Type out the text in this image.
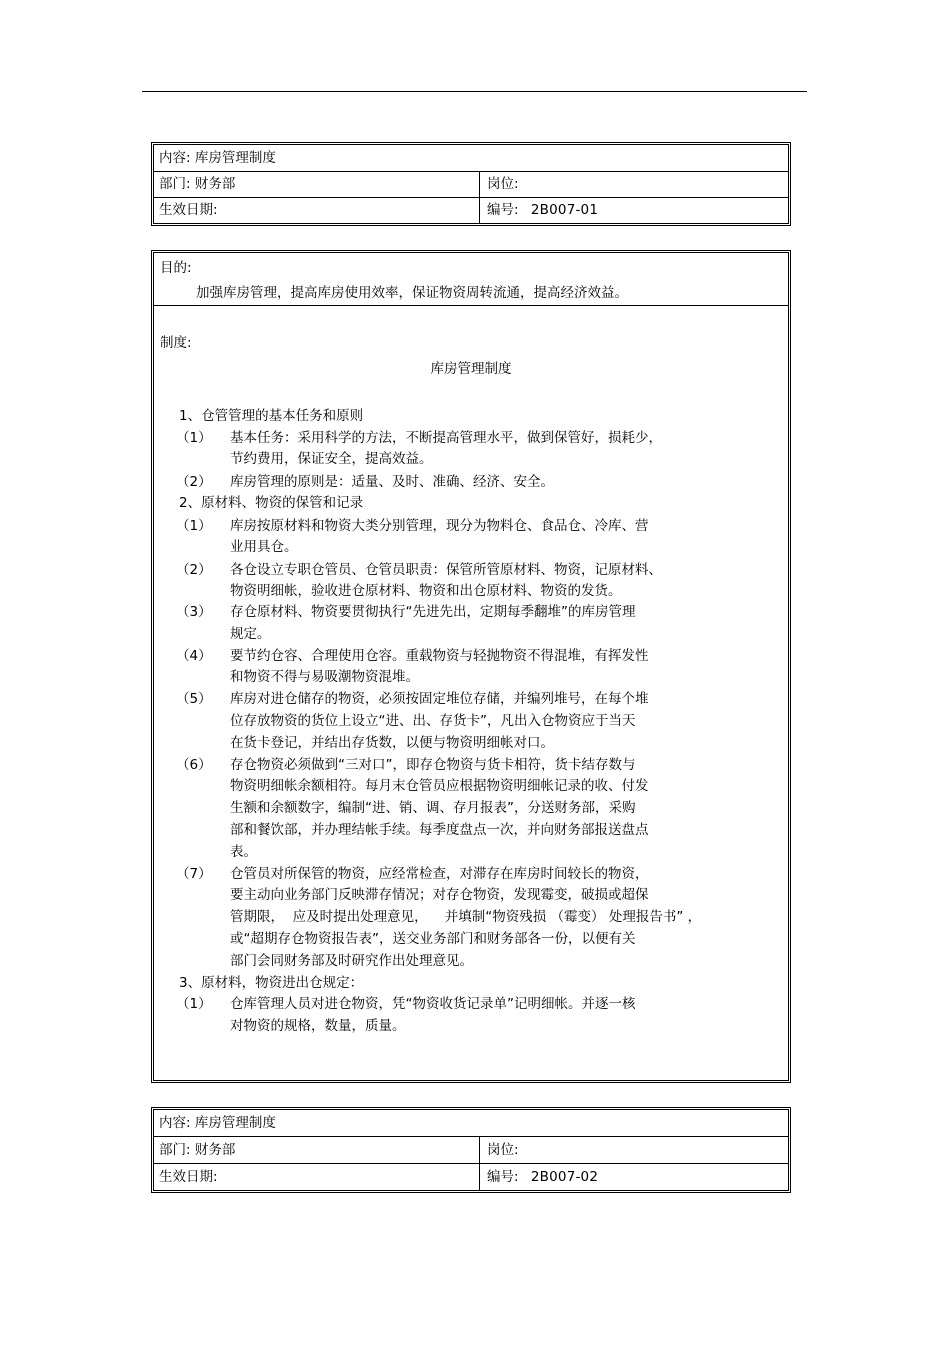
内容: 库房管理制度
部门: 财务部	岗位:
生效日期:	编号: 2B007-01
目的:
加强库房管理，提高库房使用效率，保证物资周转流通，提高经济效益。
制度:
库房管理制度
1、仓管管理的基本任务和原则
（1） 基本任务：采用科学的方法，不断提高管理水平，做到保管好，损耗少，
节约费用，保证安全，提高效益。
（2） 库房管理的原则是：适量、及时、准确、经济、安全。
2、原材料、物资的保管和记录
（1） 库房按原材料和物资大类分别管理，现分为物料仓、食品仓、冷库、营
业用具仓。
（2） 各仓设立专职仓管员、仓管员职责：保管所管原材料、物资，记原材料、
物资明细帐，验收进仓原材料、物资和出仓原材料、物资的发货。
（3） 存仓原材料、物资要贯彻执行“先进先出，定期每季翻堆”的库房管理
规定。
（4） 要节约仓容、合理使用仓容。重载物资与轻抛物资不得混堆，有挥发性
和物资不得与易吸潮物资混堆。
（5） 库房对进仓储存的物资，必须按固定堆位存储，并编列堆号，在每个堆
位存放物资的货位上设立“进、出、存货卡”，凡出入仓物资应于当天
在货卡登记，并结出存货数，以便与物资明细帐对口。
（6） 存仓物资必须做到“三对口”，即存仓物资与货卡相符，货卡结存数与
物资明细帐余额相符。每月末仓管员应根据物资明细帐记录的收、付发
生额和余额数字，编制“进、销、调、存月报表”，分送财务部，采购
部和餐饮部，并办理结帐手续。每季度盘点一次，并向财务部报送盘点
表。
（7） 仓管员对所保管的物资，应经常检查，对滞存在库房时间较长的物资，
要主动向业务部门反映滞存情况；对存仓物资，发现霉变，破损或超保
管期限，  应及时提出处理意见，    并填制“物资残损 （霉变） 处理报告书” ，
或“超期存仓物资报告表”，送交业务部门和财务部各一份，以便有关
部门会同财务部及时研究作出处理意见。
3、原材料，物资进出仓规定：
（1） 仓库管理人员对进仓物资，凭“物资收货记录单”记明细帐。并逐一核
对物资的规格，数量，质量。
内容: 库房管理制度
部门: 财务部	岗位:
生效日期:	编号: 2B007-02
